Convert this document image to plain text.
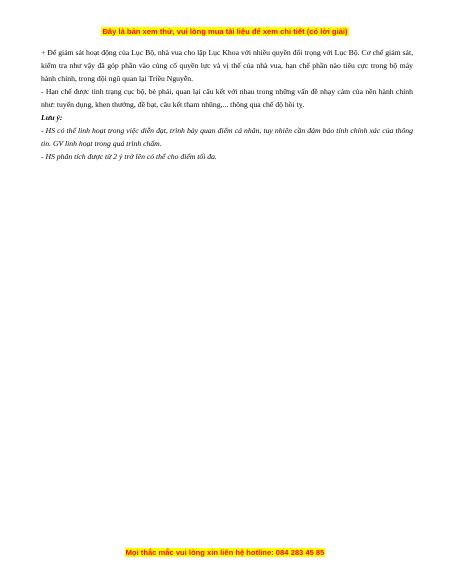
Đây là bản xem thử, vui lòng mua tài liệu để xem chi tiết (có lời giải)

+ Để giám sát hoạt động của Lục Bộ, nhà vua cho lập Lục Khoa với nhiều quyền đối trọng với Lục Bộ. Cơ chế giám sát, kiểm tra như vậy đã góp phần vào củng cố quyền lực và vị thế của nhà vua, hạn chế phần nào tiêu cực trong bộ máy hành chính, trong đội ngũ quan lại Triều Nguyễn.

- Hạn chế được tình trạng cục bộ, bè phái, quan lại câu kết với nhau trong những vấn đề nhạy cảm của nền hành chính như: tuyển dụng, khen thưởng, đề bạt, câu kết tham nhũng,... thông qua chế độ hồi tỵ.

Lưu ý:

- HS có thể linh hoạt trong việc diễn đạt, trình bày quan điểm cá nhân, tuy nhiên cần đảm bảo tính chính xác của thông tin. GV linh hoạt trong quá trình chấm.

- HS phân tích được từ 2 ý trở lên có thể cho điểm tối đa.

Mọi thắc mắc vui lòng xin liên hệ hotline: 084 283 45 85
